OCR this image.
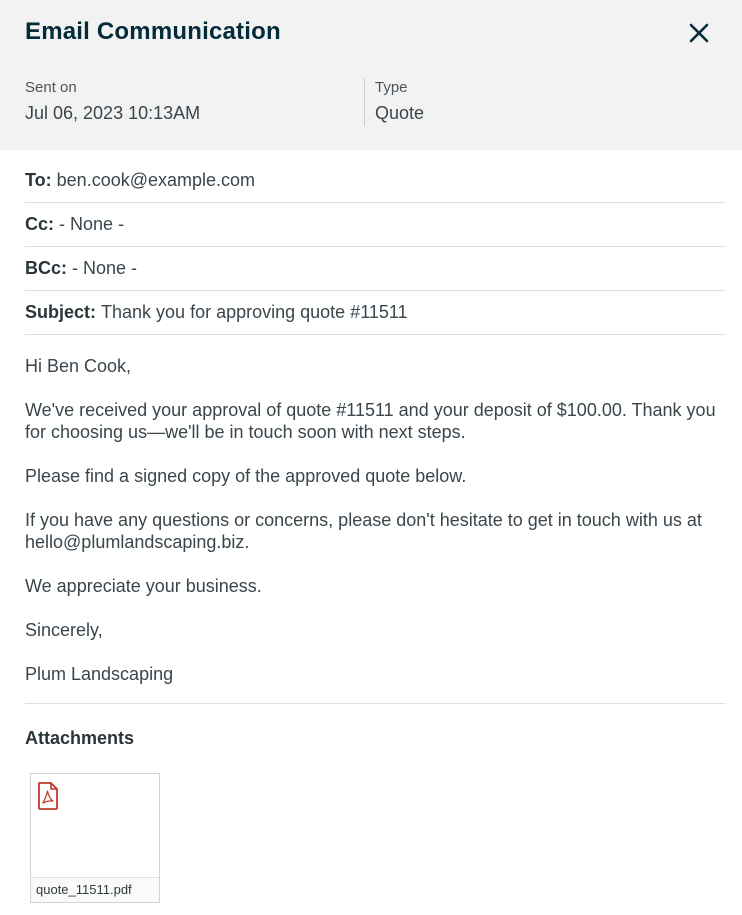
Email Communication
Sent on
Jul 06, 2023 10:13AM
Type
Quote
To: ben.cook@example.com
Cc: - None -
BCc: - None -
Subject: Thank you for approving quote #11511

Hi Ben Cook,

We've received your approval of quote #11511 and your deposit of $100.00. Thank you for choosing us—we'll be in touch soon with next steps.

Please find a signed copy of the approved quote below.

If you have any questions or concerns, please don't hesitate to get in touch with us at hello@plumlandscaping.biz.

We appreciate your business.

Sincerely,

Plum Landscaping

Attachments
quote_11511.pdf
